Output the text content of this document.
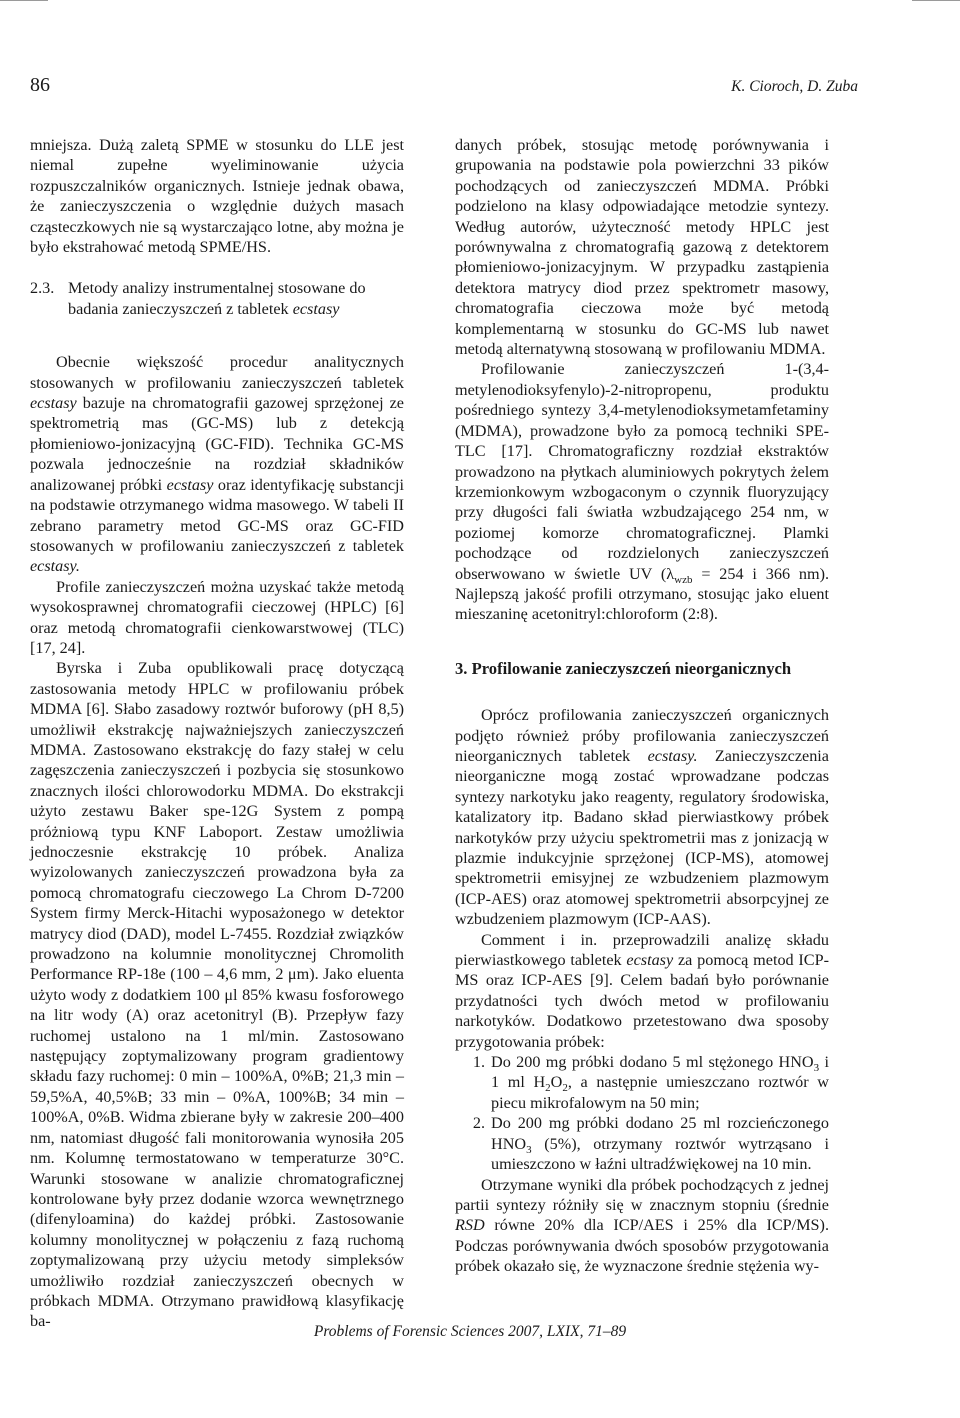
86	K. Cioroch, D. Zuba

mniejsza. Dużą zaletą SPME w stosunku do LLE jest niemal zupełne wyeliminowanie użycia rozpuszczalników organicznych. Istnieje jednak obawa, że zanieczyszczenia o względnie dużych masach cząsteczkowych nie są wystarczająco lotne, aby można je było ekstrahować metodą SPME/HS.

2.3. Metody analizy instrumentalnej stosowane do badania zanieczyszczeń z tabletek ecstasy

Obecnie większość procedur analitycznych stosowanych w profilowaniu zanieczyszczeń tabletek ecstasy bazuje na chromatografii gazowej sprzężonej ze spektrometrią mas (GC-MS) lub z detekcją płomieniowo-jonizacyjną (GC-FID). Technika GC-MS pozwala jednocześnie na rozdział składników analizowanej próbki ecstasy oraz identyfikację substancji na podstawie otrzymanego widma masowego. W tabeli II zebrano parametry metod GC-MS oraz GC-FID stosowanych w profilowaniu zanieczyszczeń z tabletek ecstasy.

Profile zanieczyszczeń można uzyskać także metodą wysokosprawnej chromatografii cieczowej (HPLC) [6] oraz metodą chromatografii cienkowarstwowej (TLC) [17, 24].

Byrska i Zuba opublikowali pracę dotyczącą zastosowania metody HPLC w profilowaniu próbek MDMA [6]. Słabo zasadowy roztwór buforowy (pH 8,5) umożliwił ekstrakcję najważniejszych zanieczyszczeń MDMA. Zastosowano ekstrakcję do fazy stałej w celu zagęszczenia zanieczyszczeń i pozbycia się stosunkowo znacznych ilości chlorowodorku MDMA. Do ekstrakcji użyto zestawu Baker spe-12G System z pompą próżniową typu KNF Laboport. Zestaw umożliwia jednoczesnie ekstrakcję 10 próbek. Analiza wyizolowanych zanieczyszczeń prowadzona była za pomocą chromatografu cieczowego La Chrom D-7200 System firmy Merck-Hitachi wyposażonego w detektor matrycy diod (DAD), model L-7455. Rozdział związków prowadzono na kolumnie monolitycznej Chromolith Performance RP-18e (100 – 4,6 mm, 2 μm). Jako eluenta użyto wody z dodatkiem 100 μl 85% kwasu fosforowego na litr wody (A) oraz acetonitryl (B). Przepływ fazy ruchomej ustalono na 1 ml/min. Zastosowano następujący zoptymalizowany program gradientowy składu fazy ruchomej: 0 min – 100%A, 0%B; 21,3 min – 59,5%A, 40,5%B; 33 min – 0%A, 100%B; 34 min – 100%A, 0%B. Widma zbierane były w zakresie 200–400 nm, natomiast długość fali monitorowania wynosiła 205 nm. Kolumnę termostatowano w temperaturze 30°C. Warunki stosowane w analizie chromatograficznej kontrolowane były przez dodanie wzorca wewnętrznego (difenyloamina) do każdej próbki. Zastosowanie kolumny monolitycznej w połączeniu z fazą ruchomą zoptymalizowaną przy użyciu metody simpleksów umożliwiło rozdział zanieczyszczeń obecnych w próbkach MDMA. Otrzymano prawidłową klasyfikację ba-

danych próbek, stosując metodę porównywania i grupowania na podstawie pola powierzchni 33 pików pochodzących od zanieczyszczeń MDMA. Próbki podzielono na klasy odpowiadające metodzie syntezy. Według autorów, użyteczność metody HPLC jest porównywalna z chromatografią gazową z detektorem płomieniowo-jonizacyjnym. W przypadku zastąpienia detektora matrycy diod przez spektrometr masowy, chromatografia cieczowa może być metodą komplementarną w stosunku do GC-MS lub nawet metodą alternatywną stosowaną w profilowaniu MDMA.

Profilowanie zanieczyszczeń 1-(3,4-metylenodioksyfenylo)-2-nitropropenu, produktu pośredniego syntezy 3,4-metylenodioksymetamfetaminy (MDMA), prowadzone było za pomocą techniki SPE-TLC [17]. Chromatograficzny rozdział ekstraktów prowadzono na płytkach aluminiowych pokrytych żelem krzemionkowym wzbogaconym o czynnik fluoryzujący przy długości fali światła wzbudzającego 254 nm, w poziomej komorze chromatograficznej. Plamki pochodzące od rozdzielonych zanieczyszczeń obserwowano w świetle UV ($\lambda_{wzb} = 254$ i 366 nm). Najlepszą jakość profili otrzymano, stosując jako eluent mieszaninę acetonitryl:chloroform (2:8).

3. Profilowanie zanieczyszczeń nieorganicznych

Oprócz profilowania zanieczyszczeń organicznych podjęto również próby profilowania zanieczyszczeń nieorganicznych tabletek ecstasy. Zanieczyszczenia nieorganiczne mogą zostać wprowadzane podczas syntezy narkotyku jako reagenty, regulatory środowiska, katalizatory itp. Badano skład pierwiastkowy próbek narkotyków przy użyciu spektrometrii mas z jonizacją w plazmie indukcyjnie sprzężonej (ICP-MS), atomowej spektrometrii emisyjnej ze wzbudzeniem plazmowym (ICP-AES) oraz atomowej spektrometrii absorpcyjnej ze wzbudzeniem plazmowym (ICP-AAS).

Comment i in. przeprowadzili analizę składu pierwiastkowego tabletek ecstasy za pomocą metod ICP-MS oraz ICP-AES [9]. Celem badań było porównanie przydatności tych dwóch metod w profilowaniu narkotyków. Dodatkowo przetestowano dwa sposoby przygotowania próbek:

1. Do 200 mg próbki dodano 5 ml stężonego $HNO_3$ i 1 ml $H_2O_2$, a następnie umieszczano roztwór w piecu mikrofalowym na 50 min;
2. Do 200 mg próbki dodano 25 ml rozcieńczonego $HNO_3$ (5%), otrzymany roztwór wytrząsano i umieszczono w łaźni ultradźwiękowej na 10 min.

Otrzymane wyniki dla próbek pochodzących z jednej partii syntezy różniły się w znacznym stopniu (średnie RSD równe 20% dla ICP/AES i 25% dla ICP/MS). Podczas porównywania dwóch sposobów przygotowania próbek okazało się, że wyznaczone średnie stężenia wy-

Problems of Forensic Sciences 2007, LXIX, 71–89
